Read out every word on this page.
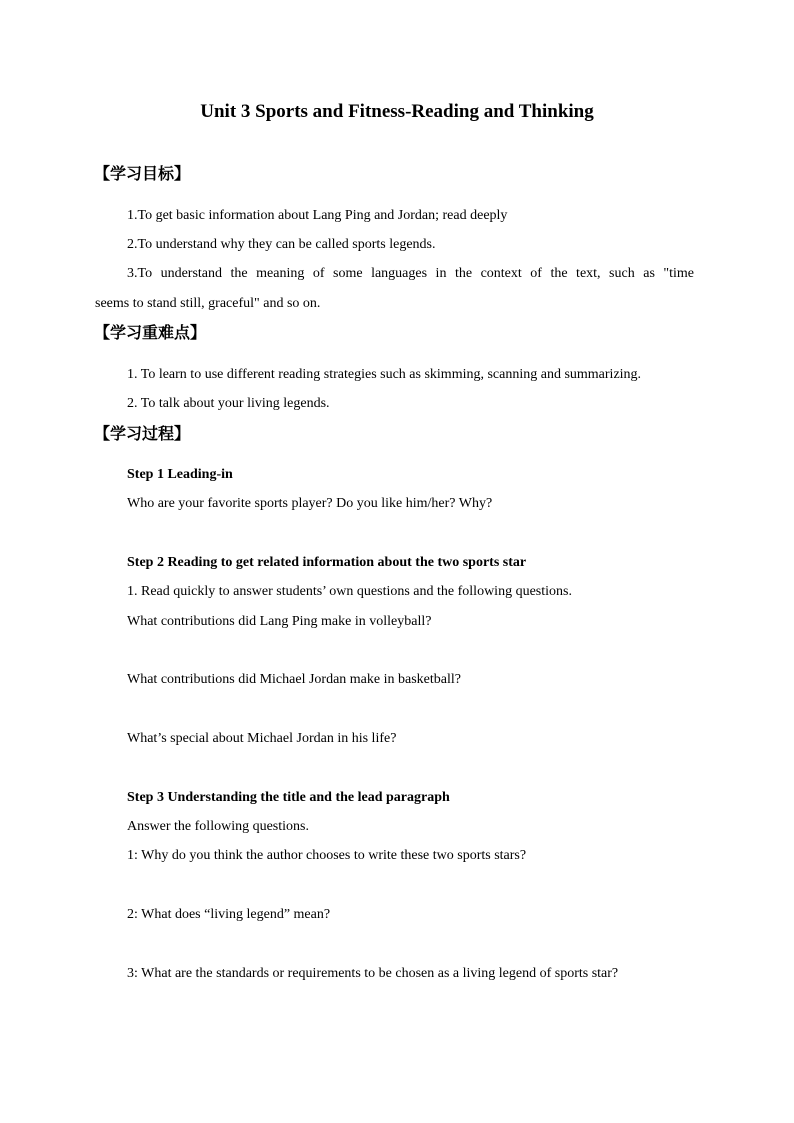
Unit 3 Sports and Fitness-Reading and Thinking
【学习目标】
1.To get basic information about Lang Ping and Jordan; read deeply
2.To understand why they can be called sports legends.
3.To understand the meaning of some languages in the context of the text, such as "time
seems to stand still, graceful" and so on.
【学习重难点】
1. To learn to use different reading strategies such as skimming, scanning and summarizing.
2. To talk about your living legends.
【学习过程】
Step 1 Leading-in
Who are your favorite sports player? Do you like him/her? Why?
Step 2 Reading to get related information about the two sports star
1. Read quickly to answer students’ own questions and the following questions.
What contributions did Lang Ping make in volleyball?
What contributions did Michael Jordan make in basketball?
What’s special about Michael Jordan in his life?
Step 3 Understanding the title and the lead paragraph
Answer the following questions.
1: Why do you think the author chooses to write these two sports stars?
2: What does “living legend” mean?
3: What are the standards or requirements to be chosen as a living legend of sports star?
